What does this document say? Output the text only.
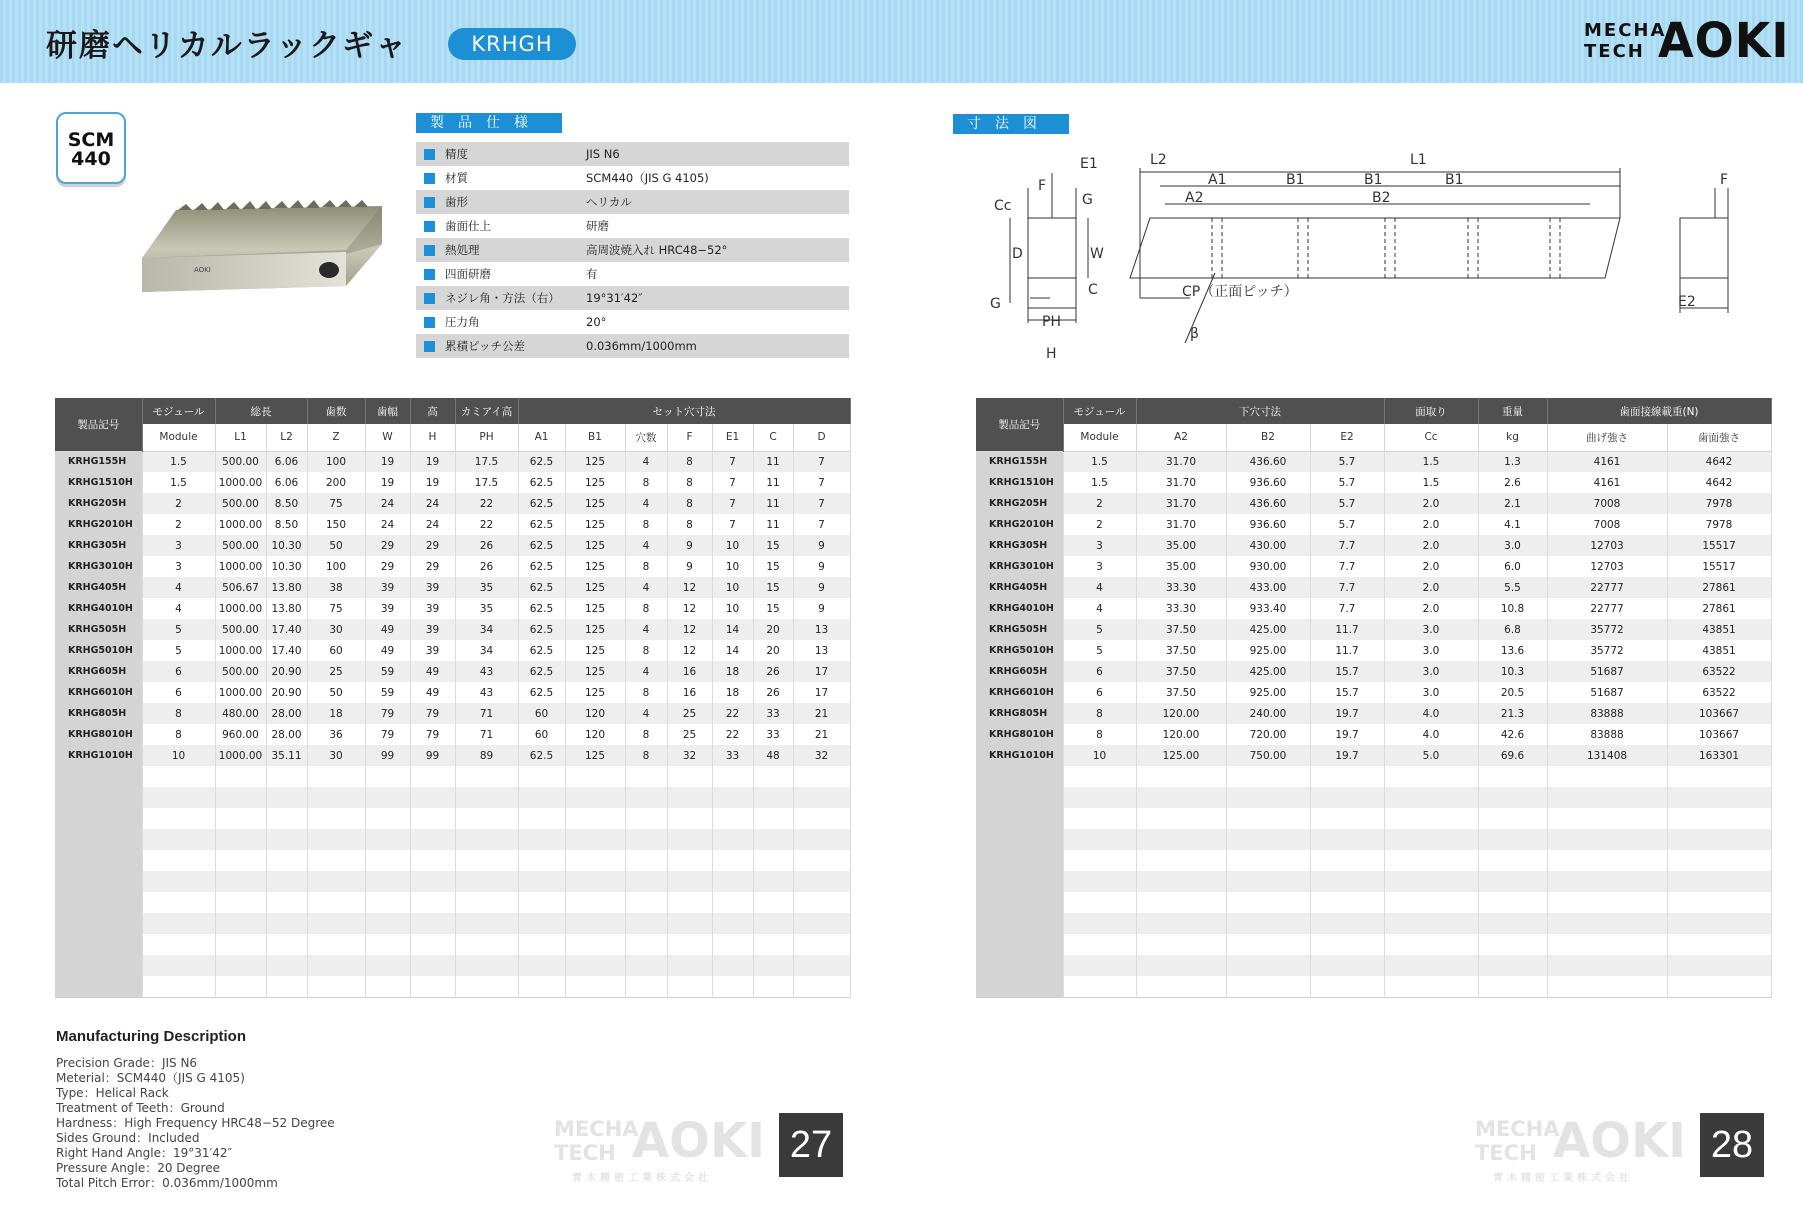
研磨ヘリカルラックギャ	KRHGH
MECHA
TECH AOKI
SCM
440
AOKI
製品仕様	寸法図
精度	JIS N6
材質	SCM440（JIS G 4105)
歯形	ヘリカル
歯面仕上	研磨
熱処理	高周波焼入れ HRC48−52°
四面研磨	有
ネジレ角・方法（右）	19°31′42″
圧力角	20°
累積ピッチ公差	0.036mm/1000mm
E1	L2	L1
A1	B1	B1	B1
A2	B2
F
Cc
D	W
C
PH
H
G
G
CP（正面ピッチ）
β
F
E2
製品記号	モジュール	総長		歯数	歯幅	高	カミアイ高	セット穴寸法						
	Module	L1	L2	Z	W	H	PH	A1	B1	穴数	F	E1	C	D
KRHG155H	1.5	500.00	6.06	100	19	19	17.5	62.5	125	4	8	7	11	7
KRHG1510H	1.5	1000.00	6.06	200	19	19	17.5	62.5	125	8	8	7	11	7
KRHG205H	2	500.00	8.50	75	24	24	22	62.5	125	4	8	7	11	7
KRHG2010H	2	1000.00	8.50	150	24	24	22	62.5	125	8	8	7	11	7
KRHG305H	3	500.00	10.30	50	29	29	26	62.5	125	4	9	10	15	9
KRHG3010H	3	1000.00	10.30	100	29	29	26	62.5	125	8	9	10	15	9
KRHG405H	4	506.67	13.80	38	39	39	35	62.5	125	4	12	10	15	9
KRHG4010H	4	1000.00	13.80	75	39	39	35	62.5	125	8	12	10	15	9
KRHG505H	5	500.00	17.40	30	49	39	34	62.5	125	4	12	14	20	13
KRHG5010H	5	1000.00	17.40	60	49	39	34	62.5	125	8	12	14	20	13
KRHG605H	6	500.00	20.90	25	59	49	43	62.5	125	4	16	18	26	17
KRHG6010H	6	1000.00	20.90	50	59	49	43	62.5	125	8	16	18	26	17
KRHG805H	8	480.00	28.00	18	79	79	71	60	120	4	25	22	33	21
KRHG8010H	8	960.00	28.00	36	79	79	71	60	120	8	25	22	33	21
KRHG1010H	10	1000.00	35.11	30	99	99	89	62.5	125	8	32	33	48	32

製品記号	モジュール	下穴寸法			面取り	重量	歯面接線載重(N)	
	Module	A2	B2	E2	Cc	kg	曲げ強さ	歯面強さ
KRHG155H	1.5	31.70	436.60	5.7	1.5	1.3	4161	4642
KRHG1510H	1.5	31.70	936.60	5.7	1.5	2.6	4161	4642
KRHG205H	2	31.70	436.60	5.7	2.0	2.1	7008	7978
KRHG2010H	2	31.70	936.60	5.7	2.0	4.1	7008	7978
KRHG305H	3	35.00	430.00	7.7	2.0	3.0	12703	15517
KRHG3010H	3	35.00	930.00	7.7	2.0	6.0	12703	15517
KRHG405H	4	33.30	433.00	7.7	2.0	5.5	22777	27861
KRHG4010H	4	33.30	933.40	7.7	2.0	10.8	22777	27861
KRHG505H	5	37.50	425.00	11.7	3.0	6.8	35772	43851
KRHG5010H	5	37.50	925.00	11.7	3.0	13.6	35772	43851
KRHG605H	6	37.50	425.00	15.7	3.0	10.3	51687	63522
KRHG6010H	6	37.50	925.00	15.7	3.0	20.5	51687	63522
KRHG805H	8	120.00	240.00	19.7	4.0	21.3	83888	103667
KRHG8010H	8	120.00	720.00	19.7	4.0	42.6	83888	103667
KRHG1010H	10	125.00	750.00	19.7	5.0	69.6	131408	163301

Manufacturing Description
Precision Grade：JIS N6
Meterial：SCM440（JIS G 4105)
Type：Helical Rack
Treatment of Teeth：Ground
Hardness：High Frequency HRC48−52 Degree
Sides Ground：Included
Right Hand Angle：19°31′42″
Pressure Angle：20 Degree
Total Pitch Error：0.036mm/1000mm
MECHA
TECH AOKI
青木精密工業株式会社
27	MECHA
TECH AOKI
青木精密工業株式会社
28
